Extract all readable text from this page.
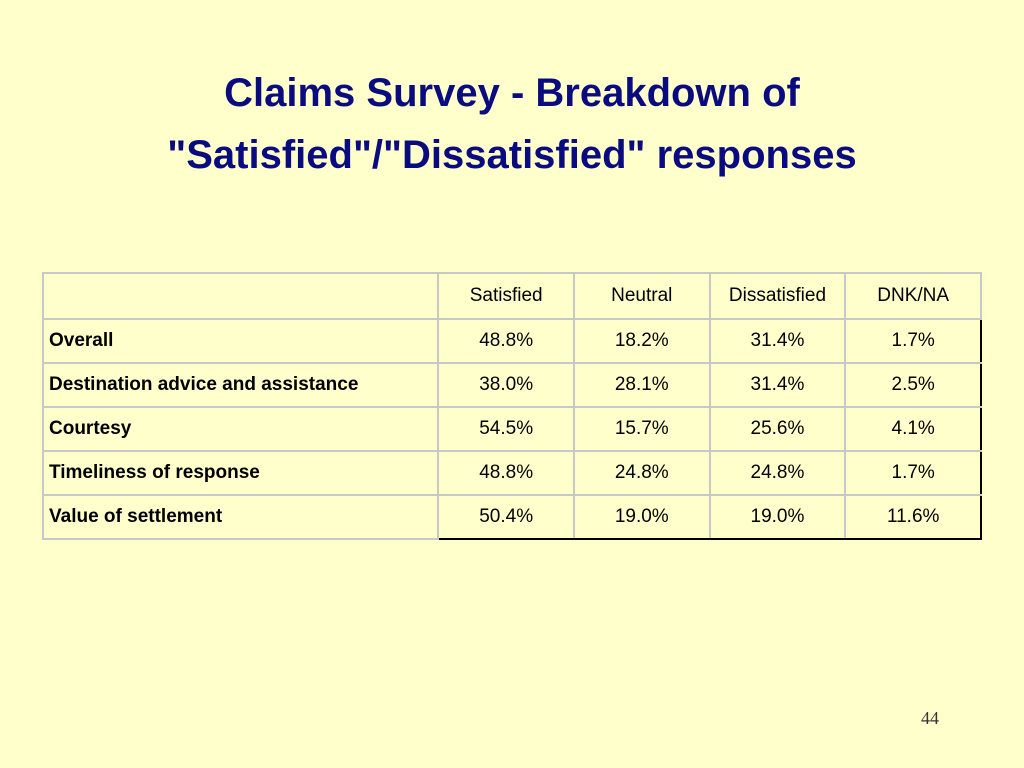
Claims Survey - Breakdown of
"Satisfied"/"Dissatisfied" responses
	Satisfied	Neutral	Dissatisfied	DNK/NA
Overall	48.8%	18.2%	31.4%	1.7%
Destination advice and assistance	38.0%	28.1%	31.4%	2.5%
Courtesy	54.5%	15.7%	25.6%	4.1%
Timeliness of response	48.8%	24.8%	24.8%	1.7%
Value of settlement	50.4%	19.0%	19.0%	11.6%
44
